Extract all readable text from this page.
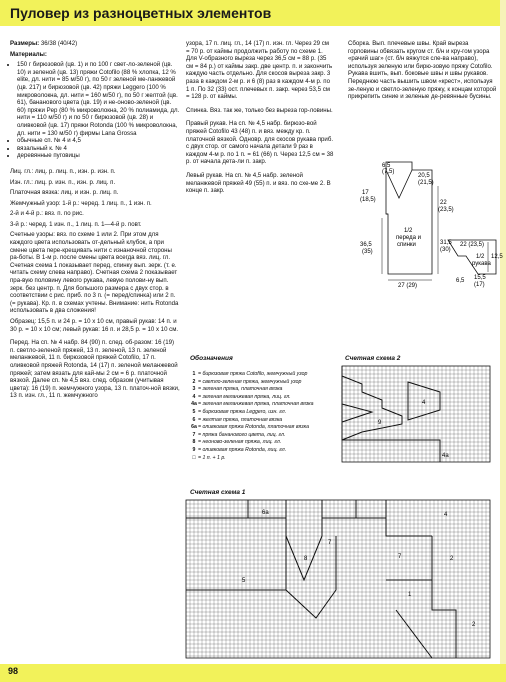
Пуловер из разноцветных элементов

Размеры: 36/38 (40/42)

Материалы:

• 150 г бирюзовой (цв. 1) и по 100 г свет-ло-зеленой (цв. 10) и зеленой (цв. 13) пряжи Cotofilo (88 % хлопка, 12 % elite, дл. нити = 85 м/50 г), по 50 г зеленой ме-ланжевой (цв. 217) и бирюзовой (цв. 42) пряжи Leggero (100 % микроволокна, дл. нити = 160 м/50 г), по 50 г желтой (цв. 61), бананового цвета (цв. 19) и не-оново-зеленой (цв. 60) пряжи Pep (80 % микроволокна, 20 % полиамида, дл. нити = 110 м/50 г) и по 50 г бирюзовой (цв. 28) и оливковой (цв. 17) пряжи Rotonda (100 % микроволокна, дл. нити = 130 м/50 г) фирмы Lana Grossa
• обычные сп. № 4 и 4,5
• вязальный к. № 4
• деревянные пуговицы

Лиц. гл.: лиц. р. лиц. п., изн. р. изн. п.

Изн. гл.: лиц. р. изн. п., изн. р. лиц. п.

Платочная вязка: лиц. и изн. р. лиц. п.

Жемчужный узор: 1-й р.: черед. 1 лиц. п., 1 изн. п.

2-й и 4-й р.: вяз. п. по рис.

3-й р.: черед. 1 изн. п., 1 лиц. п. 1—4-й р. повт.

Счетные узоры: вяз. по схеме 1 или 2. При этом для каждого цвета использовать от-дельный клубок, а при смене цвета пере-крещивать нити с изнаночной стороны ра-боты. В 1-м р. после смены цвета всегда вяз. лиц. гл. Счетная схема 1 показывает перед, спинку вып. зерк. (т. е. читать схему слева направо). Счетная схема 2 показывает пра-вую половину левого рукава, левую полови-ну вып. зерк. без центр. п. Для большого размера с двух стор. в соответствии с рис. приб. по 3 п. (= перед/спинка) или 2 п. (= рукава). Кр. п. в схемах учтены. Внимание: нить Rotonda использовать в два сложения!

Образец: 15,5 п. и 24 р. = 10 х 10 см, правый рукав: 14 п. и 30 р. = 10 х 10 см; левый рукав: 16 п. и 28,5 р. = 10 х 10 см.

Перед. На сп. № 4 набр. 84 (90) п. след. об-разом: 16 (19) п. светло-зеленой пряжей, 13 п. зеленой, 13 п. зеленой меланжевой, 11 п. бирюзовой пряжей Cotofilo, 17 п. оливковой пряжей Rotonda, 14 (17) п. зеленой меланжевой пряжей; затем вязать для кай-мы 2 см = 6 р. платочной вязкой. Далее сп. № 4,5 вяз. след. образом (учитывая цвета): 16 (19) п. жемчужного узора, 13 п. платоч-ной вязки, 13 п. изн. гл., 11 п. жемчужного

узора, 17 п. лиц. гл., 14 (17) п. изн. гл. Через 29 см = 70 р. от каймы продолжить работу по схеме 1. Для V-образного выреза через 36,5 см = 88 р. (35 см = 84 р.) от каймы закр. две центр. п. и закончить каждую часть отдельно. Для скосов выреза закр. 3 раза в каждом 2-м р. и 6 (8) раз в каждом 4-м р. по 1 п. По 32 (33) ост. плечевых п. закр. через 53,5 см = 128 р. от каймы.

Спинка. Вяз. так же, только без выреза гор-ловины.

Правый рукав. На сп. № 4,5 набр. бирюзо-вой пряжей Cotofilo 43 (48) п. и вяз. между кр. п. платочной вязкой. Одновр. для скосов рукава приб. с двух стор. от самого начала детали 9 раз в каждом 4-м р. по 1 п. = 61 (66) п. Через 12,5 см = 38 р. от начала дета-ли п. закр.

Левый рукав. На сп. № 4,5 набр. зеленой меланжевой пряжей 49 (55) п. и вяз. по схе-ме 2. В конце п. закр.

Сборка. Вып. плечевые швы. Край выреза горловины обвязать кругом ст. б/н и кру-гом узора «рачий шаг» (ст. б/н вяжутся сле-ва направо), используя зеленую или бирю-зовую пряжу Cotofilo. Рукава вшить, вып. боковые швы и швы рукавов. Переднюю часть вышить швом «крест», используя зе-леную и светло-зеленую пряжу, к концам которой прикрепить синие и зеленые де-ревянные бусины.

6,5
(7,5)
20,5
(21,5)
17
(18,5)	22
(23,5)
1/2
переда и
спинки
36,5
(35)
31,5
(30)
27 (29)
22 (23,5)
1/2
рукава
12,5
15,5
(17)
6,5
Обозначения
1 = бирюзовая пряжа Cotofilo, жемчужный узор
2 = светло-зеленая пряжа, жемчужный узор
3 = зеленая пряжа, платочная вязка
4 = зеленая меланжевая пряжа, лиц. гл.
4a= зеленая меланжевая пряжа, платочная вязка
5 = бирюзовая пряжа Leggero, изн. гл.
6 = желтая пряжа, платочная вязка
6a= оливковая пряжа Rotonda, платочная вязка
7 = пряжа бананового цвета, лиц. гл.
8 = неоново-зеленая пряжа, лиц. гл.
9 = оливковая пряжа Rotonda, лиц. гл.
□ = 1 п. + 1 р.
Счетная схема 2
4
9
4a
Счетная схема 1
6a
7
4
8	7	2
1
5
2
98
